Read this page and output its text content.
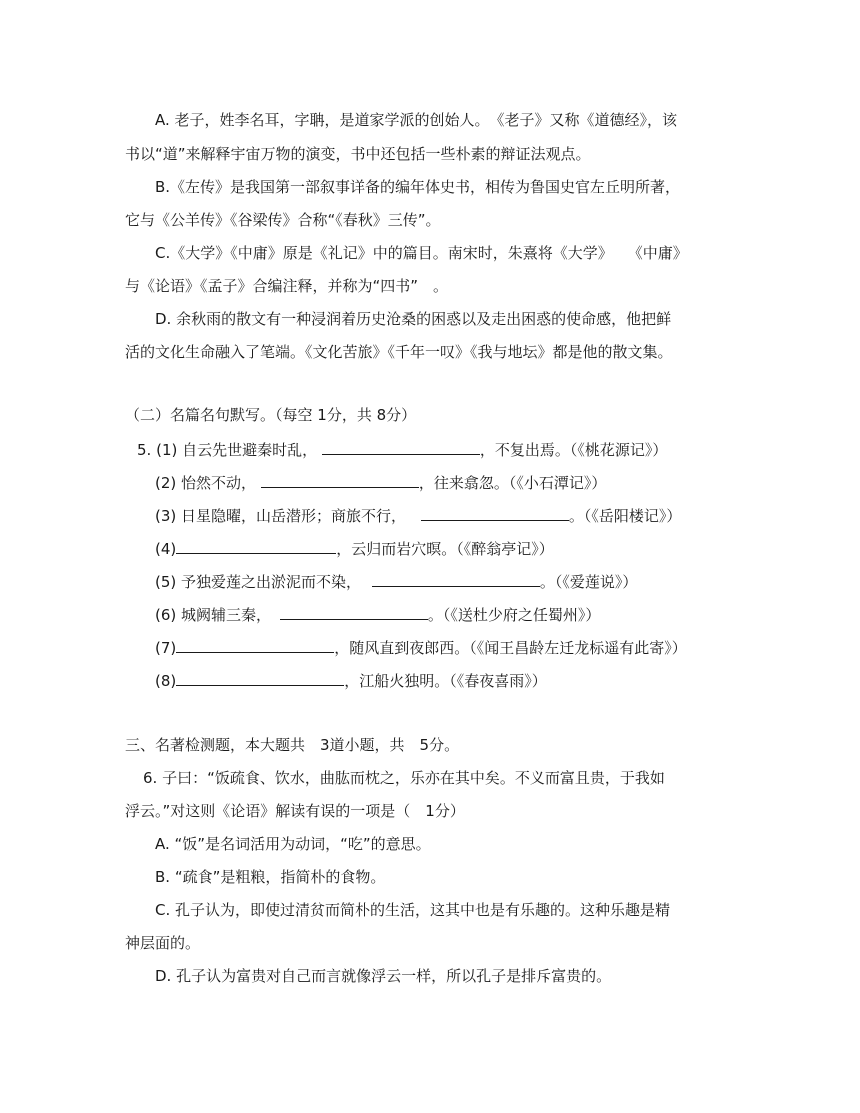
A. 老子，姓李名耳，字聃，是道家学派的创始人。　《老子》又称《道德经》，该
书以“道”来解释宇宙万物的演变，书中还包括一些朴素的辩证法观点。
B.《左传》是我国第一部叙事详备的编年体史书，相传为鲁国史官左丘明所著，
它与《公羊传》《谷梁传》合称“《春秋》三传”。
C.《大学》《中庸》原是《礼记》中的篇目。南宋时，朱熹将《大学》　　《中庸》
与《论语》《孟子》合编注释，并称为“四书”　。
D. 余秋雨的散文有一种浸润着历史沧桑的困惑以及走出困惑的使命感，他把鲜
活的文化生命融入了笔端。《文化苦旅》《千年一叹》《我与地坛》都是他的散文集。
（二）名篇名句默写。（每空 1分，共 8分）
5. (1) 自云先世避秦时乱，	，不复出焉。（《桃花源记》）
(2) 怡然不动，	，往来翕忽。（《小石潭记》）
(3) 日星隐曜，山岳潜形；商旅不行，	。（《岳阳楼记》）
(4)	，云归而岩穴暝。（《醉翁亭记》）
(5) 予独爱莲之出淤泥而不染，	。（《爱莲说》）
(6) 城阙辅三秦，	。（《送杜少府之任蜀州》）
(7)	，随风直到夜郎西。（《闻王昌龄左迁龙标遥有此寄》）
(8)	，江船火独明。（《春夜喜雨》）
三、名著检测题，本大题共　3道小题，共　5分。
6. 子曰：“饭疏食、饮水，曲肱而枕之，乐亦在其中矣。不义而富且贵，于我如
浮云。”对这则《论语》解读有误的一项是（　1分）
A. “饭”是名词活用为动词，“吃”的意思。
B. “疏食”是粗粮，指简朴的食物。
C. 孔子认为，即使过清贫而简朴的生活，这其中也是有乐趣的。这种乐趣是精
神层面的。
D. 孔子认为富贵对自己而言就像浮云一样，所以孔子是排斥富贵的。
